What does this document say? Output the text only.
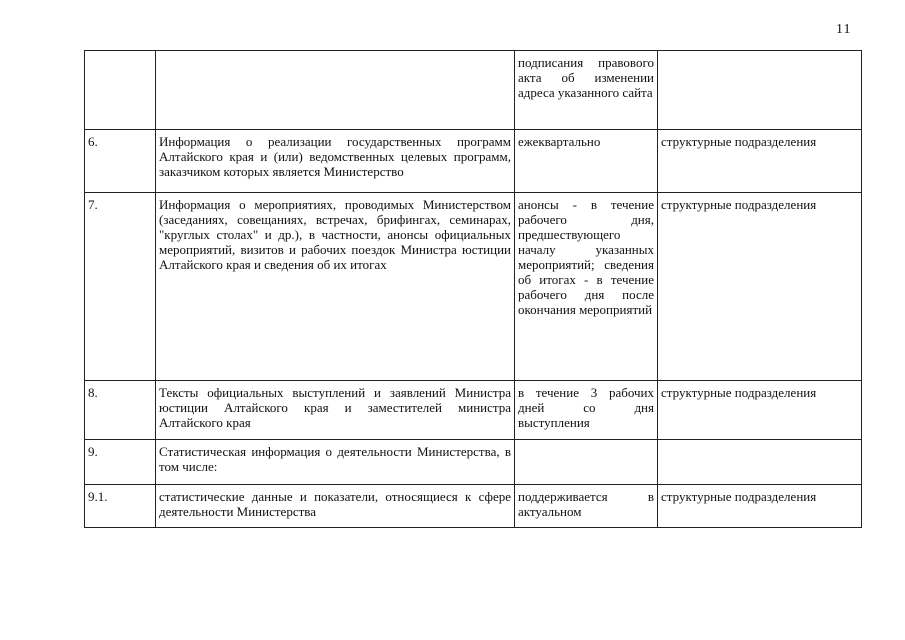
11
		подписания правового акта об изменении адреса указанного сайта	
6.	Информация о реализации государственных программ Алтайского края и (или) ведомственных целевых программ, заказчиком которых является Министерство	ежеквартально	структурные подразделения
7.	Информация о мероприятиях, проводимых Министерством (заседаниях, совещаниях, встречах, брифингах, семинарах, "круглых столах" и др.), в частности, анонсы официальных мероприятий, визитов и рабочих поездок Министра юстиции Алтайского края и сведения об их итогах	анонсы - в течение рабочего дня, предшествующего началу указанных мероприятий; сведения об итогах - в течение рабочего дня после окончания мероприятий	структурные подразделения
8.	Тексты официальных выступлений и заявлений Министра юстиции Алтайского края и заместителей министра Алтайского края	в течение 3 рабочих дней со дня выступления	структурные подразделения
9.	Статистическая информация о деятельности Министерства, в том числе:		
9.1.	статистические данные и показатели, относящиеся к сфере деятельности Министерства	поддерживается в актуальном	структурные подразделения
